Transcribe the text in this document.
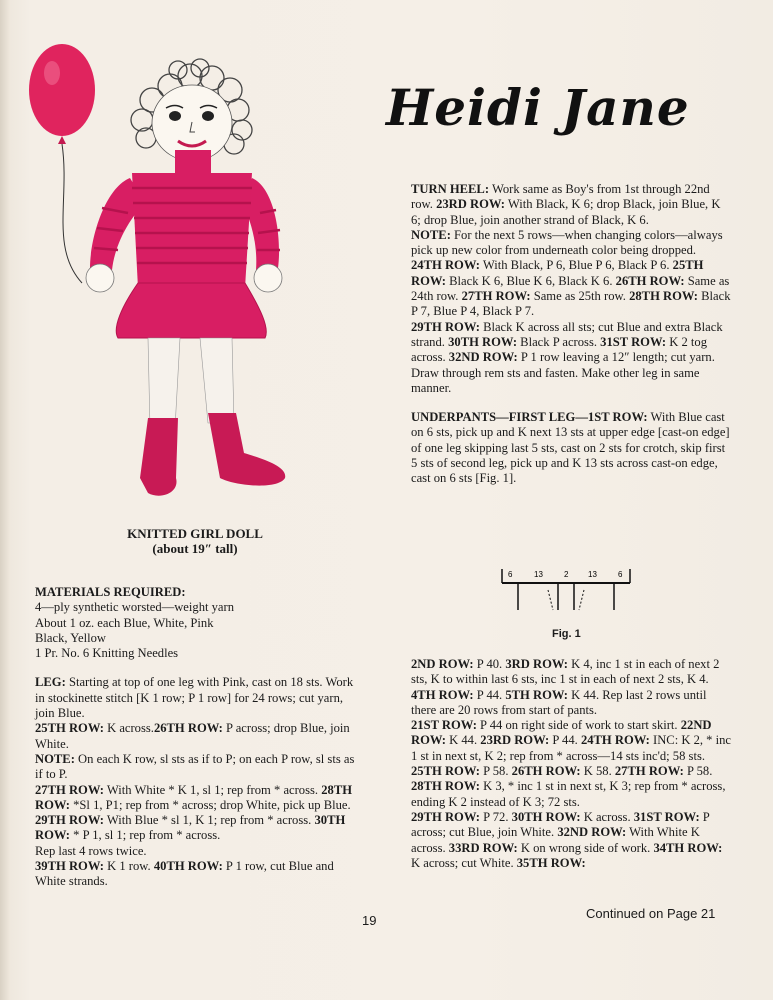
Heidi Jane
KNITTED GIRL DOLL
(about 19″ tall)

MATERIALS REQUIRED:

4—ply synthetic worsted—weight yarn

About 1 oz. each Blue, White, Pink

Black, Yellow

1 Pr. No. 6 Knitting Needles

LEG: Starting at top of one leg with Pink, cast on 18 sts. Work in stockinette stitch [K 1 row; P 1 row] for 24 rows; cut yarn, join Blue.

25TH ROW: K across.26TH ROW: P across; drop Blue, join White.

NOTE: On each K row, sl sts as if to P; on each P row, sl sts as if to P.

27TH ROW: With White * K 1, sl 1; rep from * across. 28TH ROW: *Sl 1, P1; rep from * across; drop White, pick up Blue. 29TH ROW: With Blue * sl 1, K 1; rep from * across. 30TH ROW: * P 1, sl 1; rep from * across.

Rep last 4 rows twice.

39TH ROW: K 1 row. 40TH ROW: P 1 row, cut Blue and White strands.

TURN HEEL: Work same as Boy's from 1st through 22nd row. 23RD ROW: With Black, K 6; drop Black, join Blue, K 6; drop Blue, join another strand of Black, K 6.

NOTE: For the next 5 rows—when changing colors—always pick up new color from underneath color being dropped.

24TH ROW: With Black, P 6, Blue P 6, Black P 6. 25TH ROW: Black K 6, Blue K 6, Black K 6. 26TH ROW: Same as 24th row. 27TH ROW: Same as 25th row. 28TH ROW: Black P 7, Blue P 4, Black P 7.

29TH ROW: Black K across all sts; cut Blue and extra Black strand. 30TH ROW: Black P across. 31ST ROW: K 2 tog across. 32ND ROW: P 1 row leaving a 12″ length; cut yarn. Draw through rem sts and fasten. Make other leg in same manner.

UNDERPANTS—FIRST LEG—1ST ROW: With Blue cast on 6 sts, pick up and K next 13 sts at upper edge [cast-on edge] of one leg skipping last 5 sts, cast on 2 sts for crotch, skip first 5 sts of second leg, pick up and K 13 sts across cast-on edge, cast on 6 sts [Fig. 1].

6	13	2 13	6
Fig. 1

2ND ROW: P 40. 3RD ROW: K 4, inc 1 st in each of next 2 sts, K to within last 6 sts, inc 1 st in each of next 2 sts, K 4. 4TH ROW: P 44. 5TH ROW: K 44. Rep last 2 rows until there are 20 rows from start of pants.

21ST ROW: P 44 on right side of work to start skirt. 22ND ROW: K 44. 23RD ROW: P 44. 24TH ROW: INC: K 2, * inc 1 st in next st, K 2; rep from * across—14 sts inc'd; 58 sts.

25TH ROW: P 58. 26TH ROW: K 58. 27TH ROW: P 58. 28TH ROW: K 3, * inc 1 st in next st, K 3; rep from * across, ending K 2 instead of K 3; 72 sts.

29TH ROW: P 72. 30TH ROW: K across. 31ST ROW: P across; cut Blue, join White. 32ND ROW: With White K across. 33RD ROW: K on wrong side of work. 34TH ROW: K across; cut White. 35TH ROW:

19	Continued on Page 21
